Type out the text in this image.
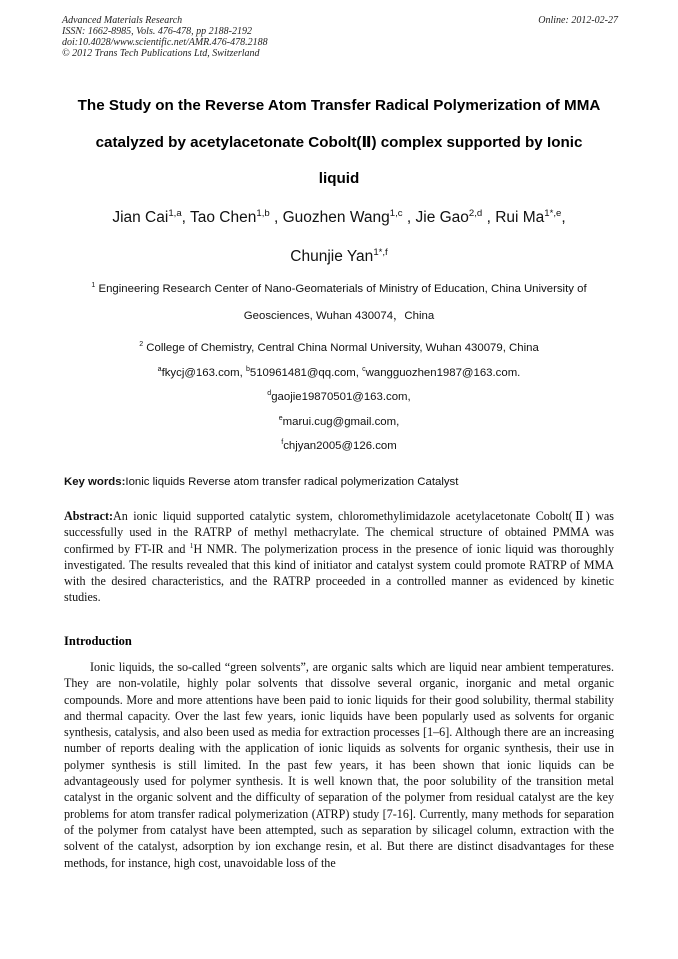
Advanced Materials Research
ISSN: 1662-8985, Vols. 476-478, pp 2188-2192
doi:10.4028/www.scientific.net/AMR.476-478.2188
© 2012 Trans Tech Publications Ltd, Switzerland
Online: 2012-02-27
The Study on the Reverse Atom Transfer Radical Polymerization of MMA
catalyzed by acetylacetonate Cobolt(Ⅱ) complex supported by Ionic
liquid
Jian Cai$^{1,a}$, Tao Chen$^{1,b}$ , Guozhen Wang$^{1,c}$ , Jie Gao$^{2,d}$ , Rui $Ma^{1*,e}$,
Chunjie Yan$^{1*,f}$
$^1$ Engineering Research Center of Nano-Geomaterials of Ministry of Education, China University of
Geosciences, Wuhan 430074，China
$^2$ College of Chemistry, Central China Normal University, Wuhan 430079, China
$^a$fkycj@163.com, $^b$510961481@qq.com, $^c$wangguozhen1987@163.com.
$^d$gaojie19870501@163.com,
$^e$marui.cug@gmail.com,
$^f$chjyan2005@126.com
Key words:Ionic liquids Reverse atom transfer radical polymerization Catalyst
Abstract:An ionic liquid supported catalytic system, chloromethylimidazole acetylacetonate Cobolt(Ⅱ) was successfully used in the RATRP of methyl methacrylate. The chemical structure of obtained PMMA was confirmed by FT-IR and $^1$H NMR. The polymerization process in the presence of ionic liquid was thoroughly investigated. The results revealed that this kind of initiator and catalyst system could promote RATRP of MMA with the desired characteristics, and the RATRP proceeded in a controlled manner as evidenced by kinetic studies.
Introduction
Ionic liquids, the so-called “green solvents”, are organic salts which are liquid near ambient temperatures. They are non-volatile, highly polar solvents that dissolve several organic, inorganic and metal organic compounds. More and more attentions have been paid to ionic liquids for their good solubility, thermal stability and thermal capacity. Over the last few years, ionic liquids have been popularly used as solvents for organic synthesis, catalysis, and also been used as media for extraction processes [1–6]. Although there are an increasing number of reports dealing with the application of ionic liquids as solvents for organic synthesis, their use in polymer synthesis is still limited. In the past few years, it has been shown that ionic liquids can be advantageously used for polymer synthesis. It is well known that, the poor solubility of the transition metal catalyst in the organic solvent and the difficulty of separation of the polymer from residual catalyst are the key problems for atom transfer radical polymerization (ATRP) study [7-16]. Currently, many methods for separation of the polymer from catalyst have been attempted, such as separation by silicagel column, extraction with the solvent of the catalyst, adsorption by ion exchange resin, et al. But there are distinct disadvantages for these methods, for instance, high cost, unavoidable loss of the
